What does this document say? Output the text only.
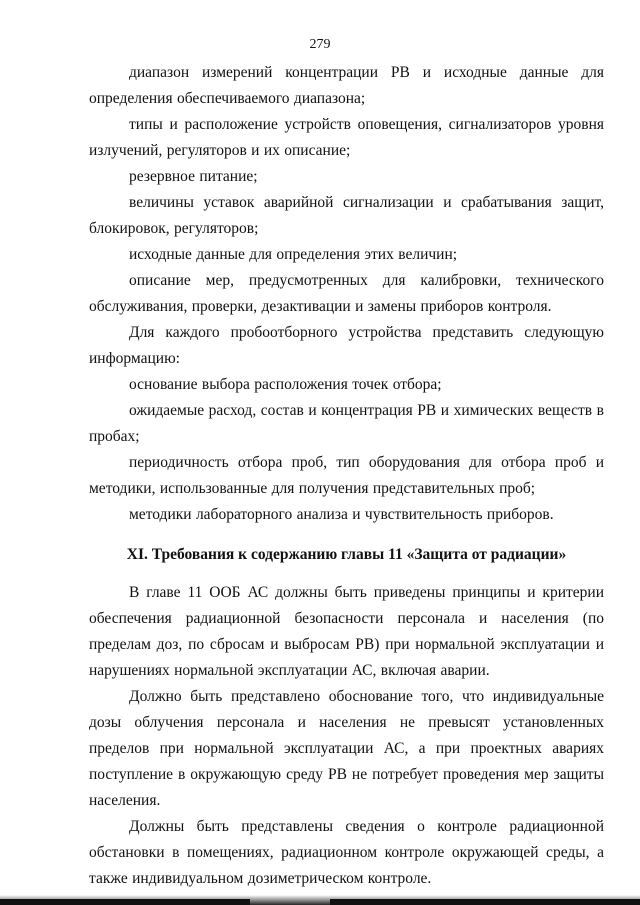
279

диапазон измерений концентрации РВ и исходные данные для определения обеспечиваемого диапазона;

типы и расположение устройств оповещения, сигнализаторов уровня излучений, регуляторов и их описание;

резервное питание;

величины уставок аварийной сигнализации и срабатывания защит, блокировок, регуляторов;

исходные данные для определения этих величин;

описание мер, предусмотренных для калибровки, технического обслуживания, проверки, дезактивации и замены приборов контроля.

Для каждого пробоотборного устройства представить следующую информацию:

основание выбора расположения точек отбора;

ожидаемые расход, состав и концентрация РВ и химических веществ в пробах;

периодичность отбора проб, тип оборудования для отбора проб и методики, использованные для получения представительных проб;

методики лабораторного анализа и чувствительность приборов.

XI. Требования к содержанию главы 11 «Защита от радиации»

В главе 11 ООБ АС должны быть приведены принципы и критерии обеспечения радиационной безопасности персонала и населения (по пределам доз, по сбросам и выбросам РВ) при нормальной эксплуатации и нарушениях нормальной эксплуатации АС, включая аварии.

Должно быть представлено обоснование того, что индивидуальные дозы облучения персонала и населения не превысят установленных пределов при нормальной эксплуатации АС, а при проектных авариях поступление в окружающую среду РВ не потребует проведения мер защиты населения.

Должны быть представлены сведения о контроле радиационной обстановки в помещениях, радиационном контроле окружающей среды, а также индивидуальном дозиметрическом контроле.
